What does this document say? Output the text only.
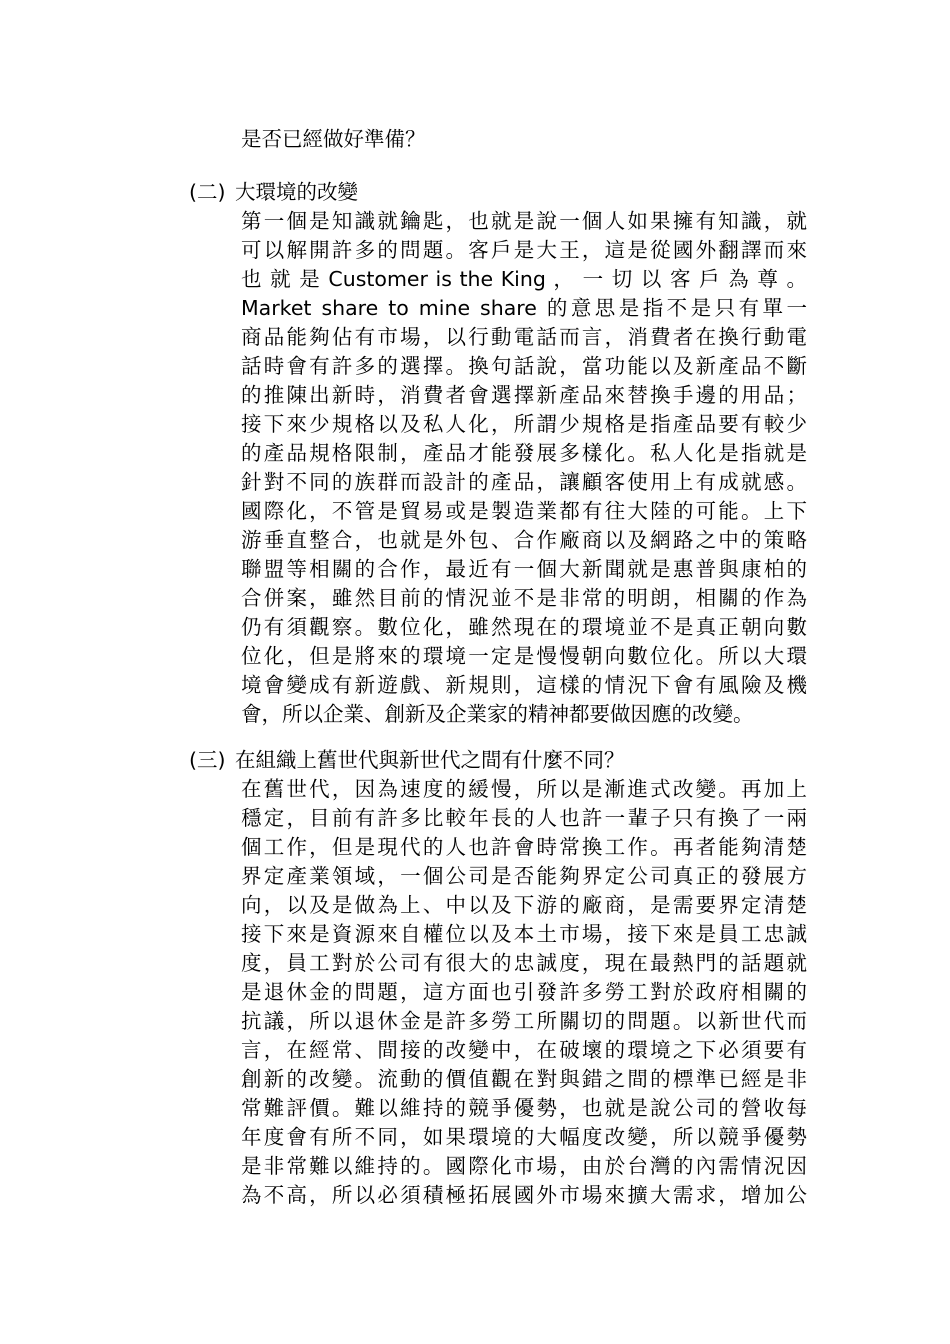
是否已經做好準備？
(二) 大環境的改變
第一個是知識就鑰匙，也就是說一個人如果擁有知識，就
可以解開許多的問題。客戶是大王，這是從國外翻譯而來
也 就 是 Customer is the King ， 一 切 以 客 戶 為 尊 。
Market share to mine share 的意思是指不是只有單一
商品能夠佔有市場，以行動電話而言，消費者在換行動電
話時會有許多的選擇。換句話說，當功能以及新產品不斷
的推陳出新時，消費者會選擇新產品來替換手邊的用品；
接下來少規格以及私人化，所謂少規格是指產品要有較少
的產品規格限制，產品才能發展多樣化。私人化是指就是
針對不同的族群而設計的產品，讓顧客使用上有成就感。
國際化，不管是貿易或是製造業都有往大陸的可能。上下
游垂直整合，也就是外包、合作廠商以及網路之中的策略
聯盟等相關的合作，最近有一個大新聞就是惠普與康柏的
合併案，雖然目前的情況並不是非常的明朗，相關的作為
仍有須觀察。數位化，雖然現在的環境並不是真正朝向數
位化，但是將來的環境一定是慢慢朝向數位化。所以大環
境會變成有新遊戲、新規則，這樣的情況下會有風險及機
會，所以企業、創新及企業家的精神都要做因應的改變。
(三) 在組織上舊世代與新世代之間有什麼不同？
在舊世代，因為速度的緩慢，所以是漸進式改變。再加上
穩定，目前有許多比較年長的人也許一輩子只有換了一兩
個工作，但是現代的人也許會時常換工作。再者能夠清楚
界定產業領域，一個公司是否能夠界定公司真正的發展方
向，以及是做為上、中以及下游的廠商，是需要界定清楚
接下來是資源來自權位以及本土市場，接下來是員工忠誠
度，員工對於公司有很大的忠誠度，現在最熱門的話題就
是退休金的問題，這方面也引發許多勞工對於政府相關的
抗議，所以退休金是許多勞工所關切的問題。以新世代而
言，在經常、間接的改變中，在破壞的環境之下必須要有
創新的改變。流動的價值觀在對與錯之間的標準已經是非
常難評價。難以維持的競爭優勢，也就是說公司的營收每
年度會有所不同，如果環境的大幅度改變，所以競爭優勢
是非常難以維持的。國際化市場，由於台灣的內需情況因
為不高，所以必須積極拓展國外市場來擴大需求，增加公
